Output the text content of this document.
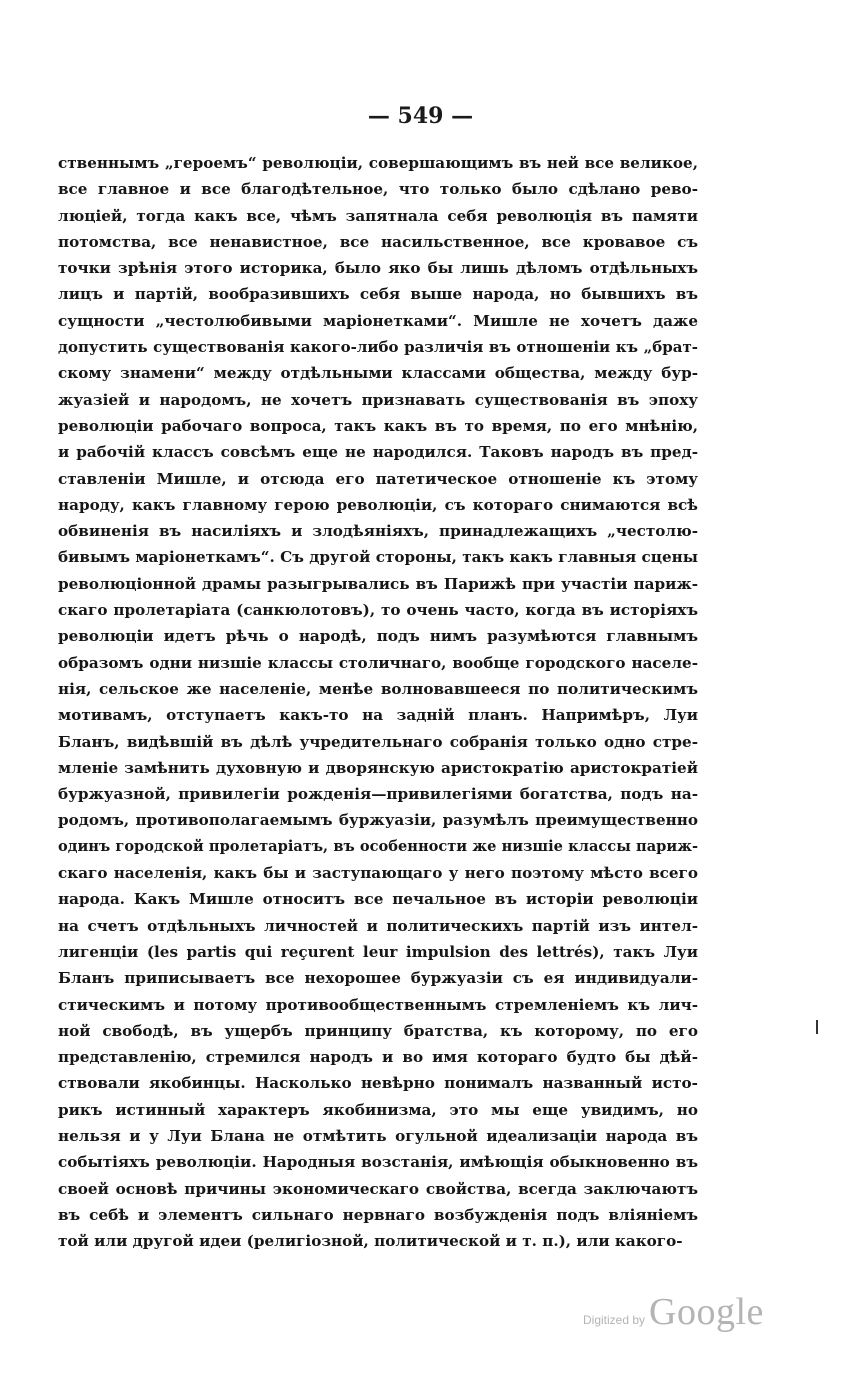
— 549 —
ственнымъ „героемъ“ революціи, совершающимъ въ ней все великое,
все главное и все благодѣтельное, что только было сдѣлано рево-
люціей, тогда какъ все, чѣмъ запятнала себя революція въ памяти
потомства, все ненавистное, все насильственное, все кровавое съ
точки зрѣнія этого историка, было яко бы лишь дѣломъ отдѣльныхъ
лицъ и партій, вообразившихъ себя выше народа, но бывшихъ въ
сущности „честолюбивыми маріонетками“. Мишле не хочетъ даже
допустить существованія какого-либо различія въ отношеніи къ „брат-
скому знамени“ между отдѣльными классами общества, между бур-
жуазіей и народомъ, не хочетъ признавать существованія въ эпоху
революціи рабочаго вопроса, такъ какъ въ то время, по его мнѣнію,
и рабочій классъ совсѣмъ еще не народился. Таковъ народъ въ пред-
ставленіи Мишле, и отсюда его патетическое отношеніе къ этому
народу, какъ главному герою революціи, съ котораго снимаются всѣ
обвиненія въ насиліяхъ и злодѣяніяхъ, принадлежащихъ „честолю-
бивымъ маріонеткамъ“. Съ другой стороны, такъ какъ главныя сцены
революціонной драмы разыгрывались въ Парижѣ при участіи париж-
скаго пролетаріата (санкюлотовъ), то очень часто, когда въ исторіяхъ
революціи идетъ рѣчь о народѣ, подъ нимъ разумѣются главнымъ
образомъ одни низшіе классы столичнаго, вообще городского населе-
нія, сельское же населеніе, менѣе волновавшееся по политическимъ
мотивамъ, отступаетъ какъ-то на задній планъ. Напримѣръ, Луи
Бланъ, видѣвшій въ дѣлѣ учредительнаго собранія только одно стре-
мленіе замѣнить духовную и дворянскую аристократію аристократіей
буржуазной, привилегіи рожденія—привилегіями богатства, подъ на-
родомъ, противополагаемымъ буржуазіи, разумѣлъ преимущественно
одинъ городской пролетаріатъ, въ особенности же низшіе классы париж-
скаго населенія, какъ бы и заступающаго у него поэтому мѣсто всего
народа. Какъ Мишле относитъ все печальное въ исторіи революціи
на счетъ отдѣльныхъ личностей и политическихъ партій изъ интел-
лигенціи (les partis qui reçurent leur impulsion des lettrés), такъ Луи
Бланъ приписываетъ все нехорошее буржуазіи съ ея индивидуали-
стическимъ и потому противообщественнымъ стремленіемъ къ лич-
ной свободѣ, въ ущербъ принципу братства, къ которому, по его
представленію, стремился народъ и во имя котораго будто бы дѣй-
ствовали якобинцы. Насколько невѣрно понималъ названный исто-
рикъ истинный характеръ якобинизма, это мы еще увидимъ, но
нельзя и у Луи Блана не отмѣтить огульной идеализаціи народа въ
событіяхъ революціи. Народныя возстанія, имѣющія обыкновенно въ
своей основѣ причины экономическаго свойства, всегда заключаютъ
въ себѣ и элементъ сильнаго нервнаго возбужденія подъ вліяніемъ
той или другой идеи (религіозной, политической и т. п.), или какого-
Digitized by Google
